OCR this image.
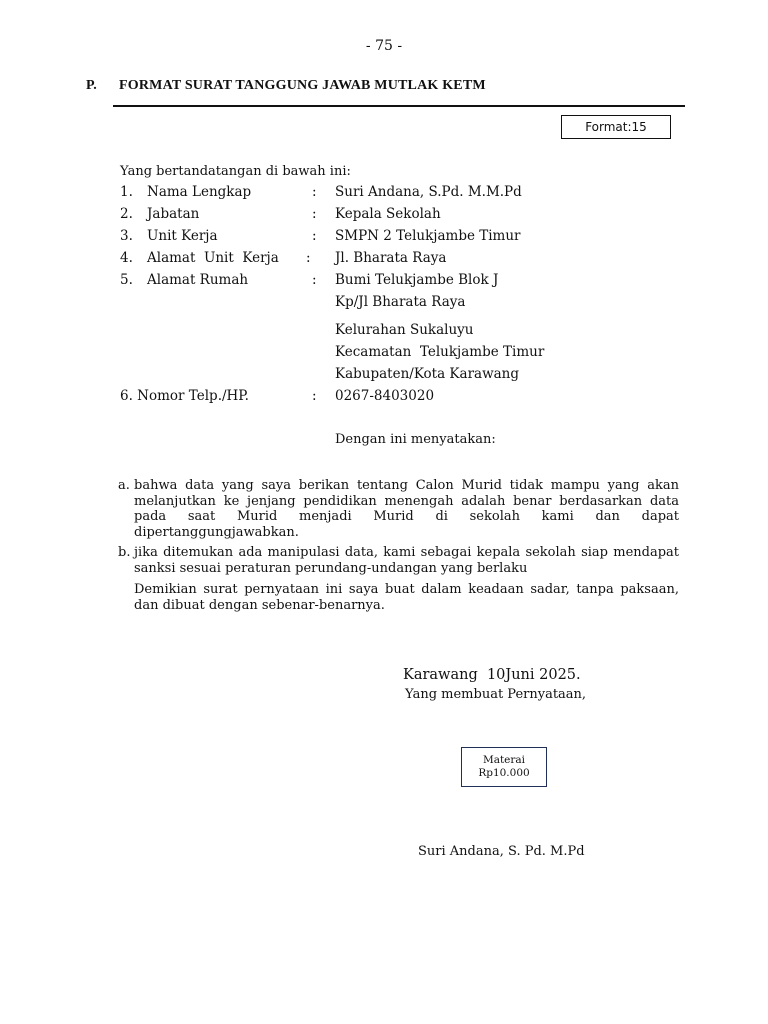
- 75 -
P. FORMAT SURAT TANGGUNG JAWAB MUTLAK KETM
Format:15
Yang bertandatangan di bawah ini:
1.	Nama Lengkap	: Suri Andana, S.Pd. M.M.Pd
2.	Jabatan	: Kepala Sekolah
3.	Unit Kerja	: SMPN 2 Telukjambe Timur
4.	Alamat  Unit  Kerja	: Jl. Bharata Raya
5.	Alamat Rumah	: Bumi Telukjambe Blok J
Kp/Jl Bharata Raya
Kelurahan Sukaluyu
Kecamatan  Telukjambe Timur
Kabupaten/Kota Karawang
6. Nomor Telp./HP.	: 0267-8403020
Dengan ini menyatakan:
a. bahwa data yang saya berikan tentang Calon Murid tidak mampu yang akan melanjutkan ke jenjang pendidikan menengah adalah benar berdasarkan data pada saat Murid menjadi Murid di sekolah kami dan dapat dipertanggungjawabkan.
b. jika ditemukan ada manipulasi data, kami sebagai kepala sekolah siap mendapat sanksi sesuai peraturan perundang-undangan yang berlaku
Demikian surat pernyataan ini saya buat dalam keadaan sadar, tanpa paksaan, dan dibuat dengan sebenar-benarnya.
Karawang  10Juni 2025.
Yang membuat Pernyataan,
Materai
Rp10.000
Suri Andana, S. Pd. M.Pd
